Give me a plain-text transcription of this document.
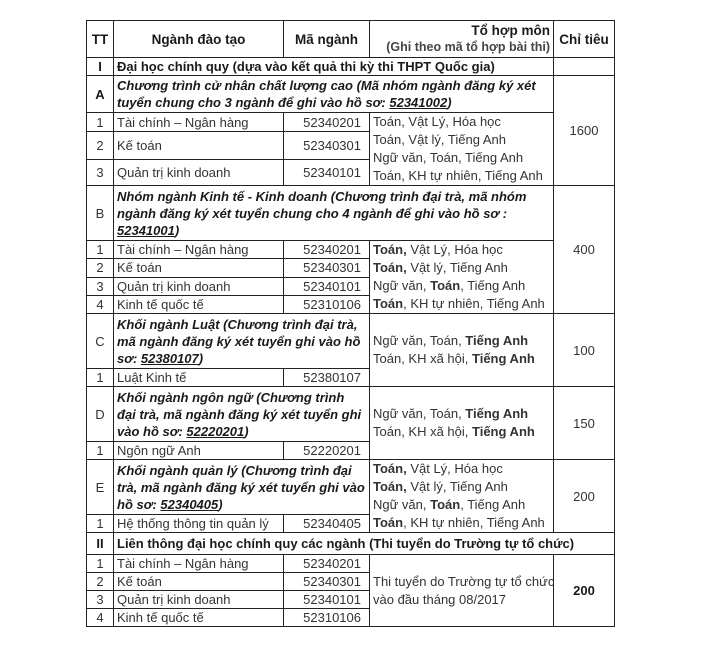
TT	Ngành đào tạo	Mã ngành	Tổ hợp môn
(Ghi theo mã tổ hợp bài thi)	Chỉ tiêu
I	Đại học chính quy (dựa vào kết quả thi kỳ thi THPT Quốc gia)			
A	Chương trình cử nhân chất lượng cao (Mã nhóm ngành đăng ký xét tuyển chung cho 3 ngành để ghi vào hồ sơ: 52341002)			1600
1	Tài chính – Ngân hàng	52340201	Toán, Vật Lý, Hóa học
Toán, Vật lý, Tiếng Anh
Ngữ văn, Toán, Tiếng Anh
Toán, KH tự nhiên, Tiếng Anh	

2	Kế toán	52340301		
3	Quản trị kinh doanh	52340101		
B	Nhóm ngành Kinh tế - Kinh doanh (Chương trình đại trà, mã nhóm ngành đăng ký xét tuyển chung cho 4 ngành để ghi vào hồ sơ : 52341001)			400
1	Tài chính – Ngân hàng	52340201	Toán, Vật Lý, Hóa học
Toán, Vật lý, Tiếng Anh
Ngữ văn, Toán, Tiếng Anh
Toán, KH tự nhiên, Tiếng Anh	

2	Kế toán	52340301		
3	Quản trị kinh doanh	52340101		
4	Kinh tế quốc tế	52310106		
C	Khối ngành Luật (Chương trình đại trà, mã ngành đăng ký xét tuyển ghi vào hồ sơ: 52380107)		Ngữ văn, Toán, Tiếng Anh
Toán, KH xã hội, Tiếng Anh	100
1	Luật Kinh tế	52380107		
D	Khối ngành ngôn ngữ (Chương trình đại trà, mã ngành đăng ký xét tuyển ghi vào hồ sơ: 52220201)		Ngữ văn, Toán, Tiếng Anh
Toán, KH xã hội, Tiếng Anh	150
1	Ngôn ngữ Anh	52220201		
E	Khối ngành quản lý (Chương trình đại trà, mã ngành đăng ký xét tuyển ghi vào hồ sơ: 52340405)		Toán, Vật Lý, Hóa học
Toán, Vật lý, Tiếng Anh
Ngữ văn, Toán, Tiếng Anh
Toán, KH tự nhiên, Tiếng Anh	200
1	Hệ thống thông tin quản lý	52340405		
II	Liên thông đại học chính quy các ngành (Thi tuyển do Trường tự tổ chức)			
1	Tài chính – Ngân hàng	52340201	Thi tuyển do Trường tự tổ chức
vào đầu tháng 08/2017	200
2	Kế toán	52340301		
3	Quản trị kinh doanh	52340101		
4	Kinh tế quốc tế	52310106		
